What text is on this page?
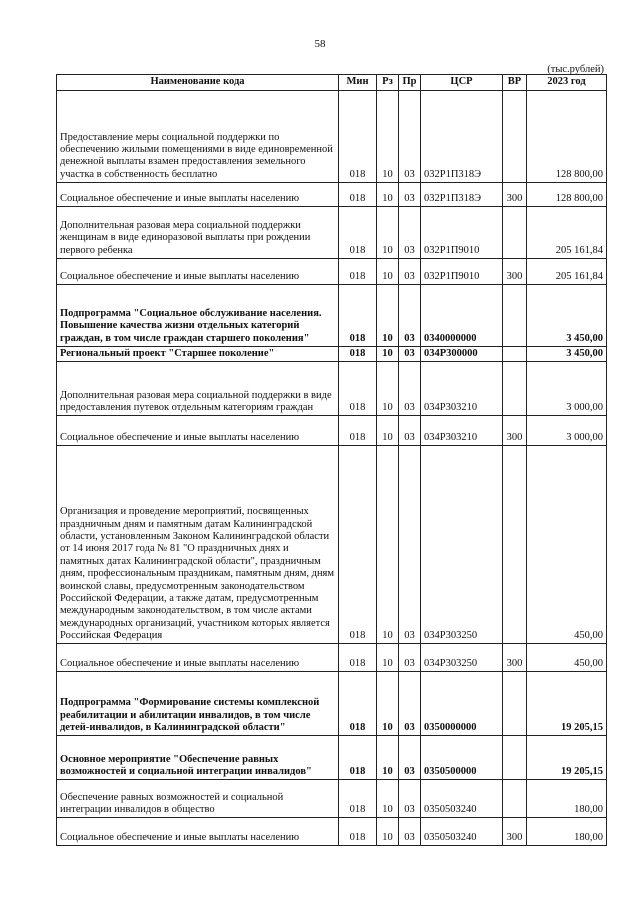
58
(тыс.рублей)
Наименование кода	Мин	Рз	Пр	ЦСР	ВР	2023 год

Предоставление меры социальной поддержки по обеспечению жилыми помещениями в виде единовременной денежной выплаты взамен предоставления земельного участка в собственность бесплатно	018	10	03	032Р1П318Э		128 800,00

Социальное обеспечение и иные выплаты населению	018	10	03	032Р1П318Э	300	128 800,00

Дополнительная разовая мера социальной поддержки женщинам в виде единоразовой выплаты при рождении первого ребенка	018	10	03	032Р1П9010		205 161,84

Социальное обеспечение и иные выплаты населению	018	10	03	032Р1П9010	300	205 161,84

Подпрограмма "Социальное обслуживание населения. Повышение качества жизни отдельных категорий граждан, в том числе граждан старшего поколения"	018	10	03	0340000000		3 450,00

Региональный проект "Старшее поколение"	018	10	03	034Р300000		3 450,00

Дополнительная разовая мера социальной поддержки в виде предоставления путевок отдельным категориям граждан	018	10	03	034Р303210		3 000,00

Социальное обеспечение и иные выплаты населению	018	10	03	034Р303210	300	3 000,00

Организация и проведение мероприятий, посвященных праздничным дням и памятным датам Калининградской области, установленным Законом Калининградской области от 14 июня 2017 года № 81 "О праздничных днях и памятных датах Калининградской области", праздничным дням, профессиональным праздникам, памятным дням, дням воинской славы, предусмотренным законодательством Российской Федерации, а также датам, предусмотренным международным законодательством, в том числе актами международных организаций, участником которых является Российская Федерация	018	10	03	034Р303250		450,00

Социальное обеспечение и иные выплаты населению	018	10	03	034Р303250	300	450,00

Подпрограмма "Формирование системы комплексной реабилитации и абилитации инвалидов, в том числе детей-инвалидов, в Калининградской области"	018	10	03	0350000000		19 205,15

Основное мероприятие "Обеспечение равных возможностей и социальной интеграции инвалидов"	018	10	03	0350500000		19 205,15

Обеспечение равных возможностей и социальной интеграции инвалидов в общество	018	10	03	0350503240		180,00

Социальное обеспечение и иные выплаты населению	018	10	03	0350503240	300	180,00
